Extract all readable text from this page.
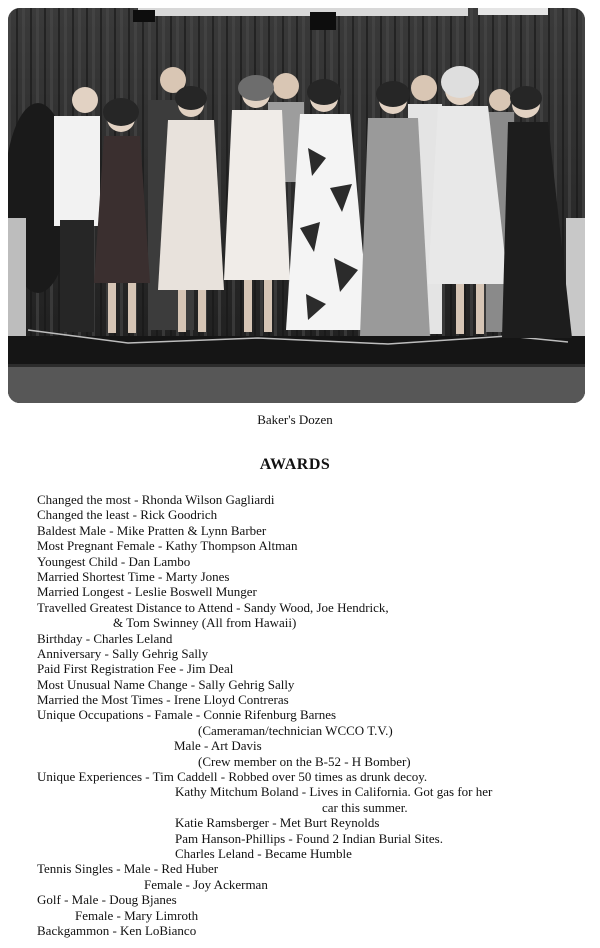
Baker's Dozen
AWARDS
Changed the most - Rhonda Wilson Gagliardi
Changed the least - Rick Goodrich
Baldest Male - Mike Pratten & Lynn Barber
Most Pregnant Female - Kathy Thompson Altman
Youngest Child - Dan Lambo
Married Shortest Time - Marty Jones
Married Longest - Leslie Boswell Munger
Travelled Greatest Distance to Attend - Sandy Wood, Joe Hendrick,
& Tom Swinney (All from Hawaii)
Birthday - Charles Leland
Anniversary - Sally Gehrig Sally
Paid First Registration Fee - Jim Deal
Most Unusual Name Change - Sally Gehrig Sally
Married the Most Times - Irene Lloyd Contreras
Unique Occupations - Famale - Connie Rifenburg Barnes
(Cameraman/technician WCCO T.V.)
Male - Art Davis
(Crew member on the B-52 - H Bomber)
Unique Experiences - Tim Caddell - Robbed over 50 times as drunk decoy.
Kathy Mitchum Boland - Lives in California. Got gas for her
car this summer.
Katie Ramsberger - Met Burt Reynolds
Pam Hanson-Phillips - Found 2 Indian Burial Sites.
Charles Leland - Became Humble
Tennis Singles - Male - Red Huber
Female - Joy Ackerman
Golf - Male - Doug Bjanes
Female - Mary Limroth
Backgammon - Ken LoBianco
